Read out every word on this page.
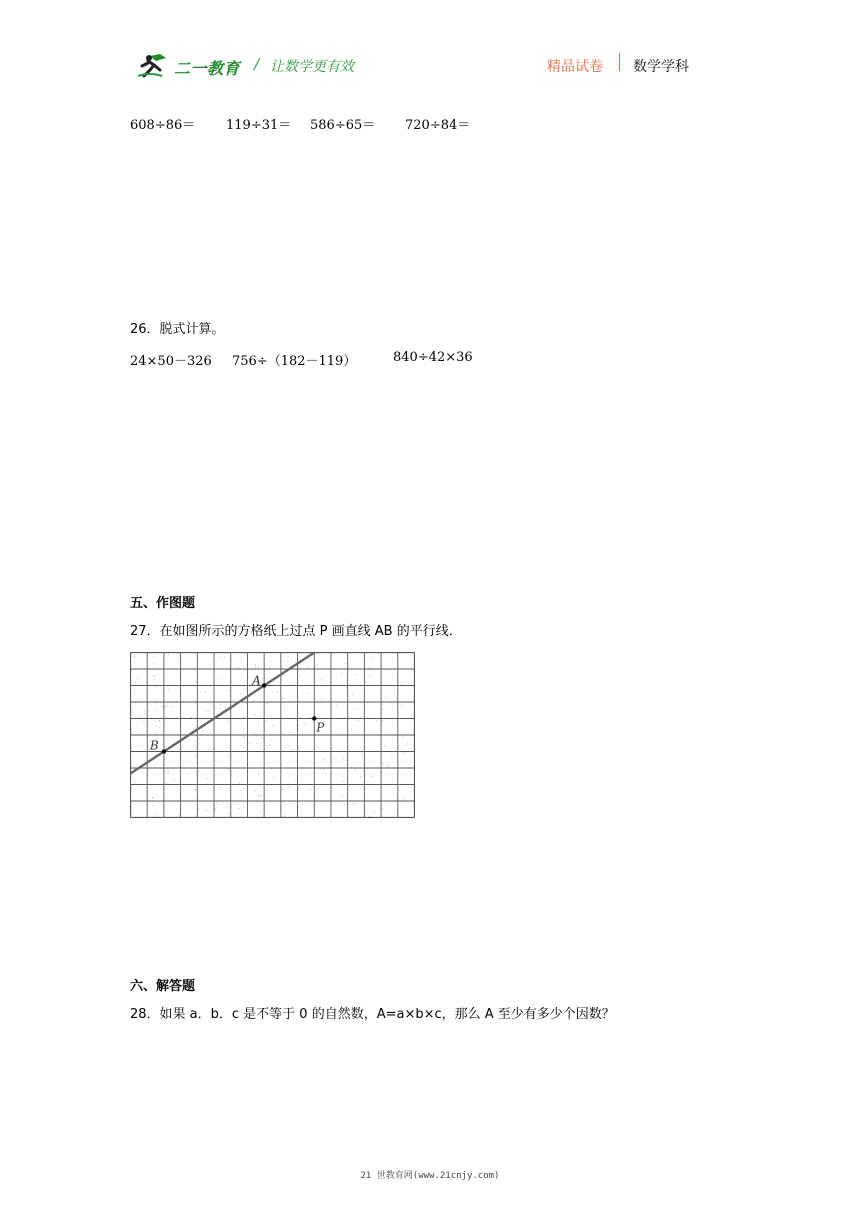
二一教育 / 让数学更有效	精品试卷 数学学科
608÷86＝ 119÷31＝ 586÷65＝ 720÷84＝
26．脱式计算。
24×50－326 756÷（182－119）	840÷42×36
五、作图题
27．在如图所示的方格纸上过点 P 画直线 AB 的平行线．
A
B
P
六、解答题
28．如果 a．b．c 是不等于 0 的自然数，A=a×b×c，那么 A 至少有多少个因数？
21 世教育网(www.21cnjy.com)
